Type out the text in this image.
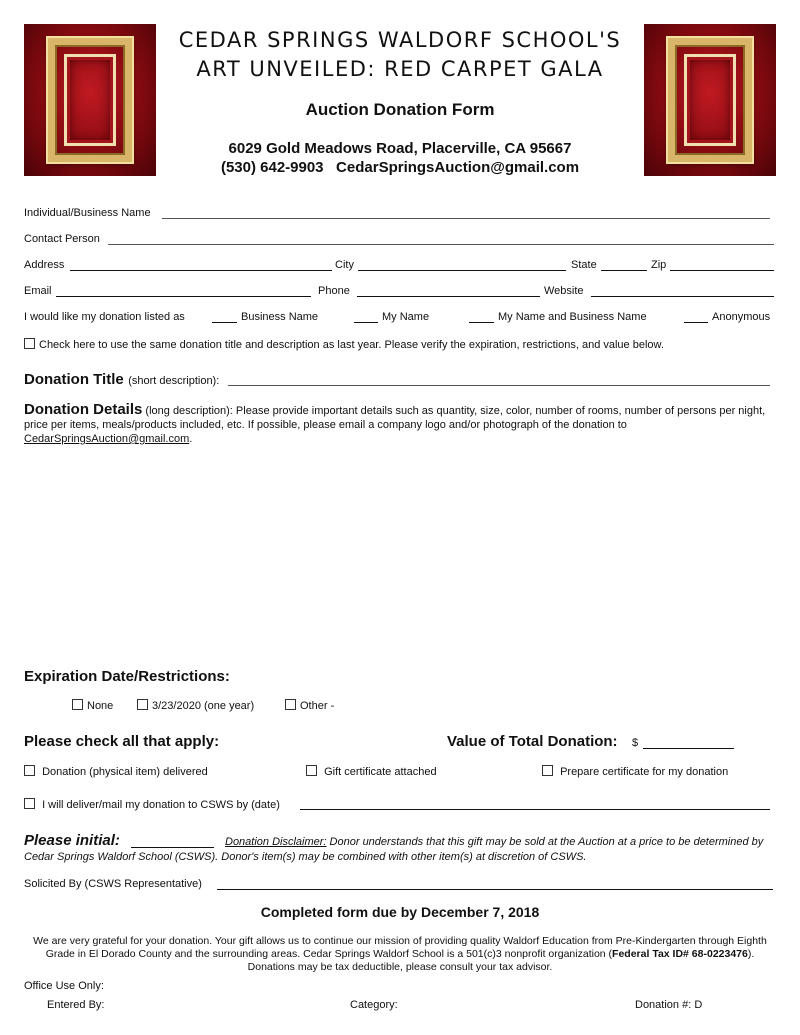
CEDAR SPRINGS WALDORF SCHOOL'S
ART UNVEILED: RED CARPET GALA
Auction Donation Form
6029 Gold Meadows Road, Placerville, CA 95667
(530) 642-9903 CedarSpringsAuction@gmail.com
Individual/Business Name
Contact Person
Address	City	State	Zip
Email	Phone	Website
I would like my donation listed as	Business Name	My Name	My Name and Business Name	Anonymous
Check here to use the same donation title and description as last year. Please verify the expiration, restrictions, and value below.
Donation Title (short description):
Donation Details (long description): Please provide important details such as quantity, size, color, number of rooms, number of persons per night, price per items, meals/products included, etc. If possible, please email a company logo and/or photograph of the donation to CedarSpringsAuction@gmail.com.
Expiration Date/Restrictions:
None	3/23/2020 (one year)	Other -
Please check all that apply:	Value of Total Donation: $
Donation (physical item) delivered	Gift certificate attached	Prepare certificate for my donation
I will deliver/mail my donation to CSWS by (date)
Please initial:	Donation Disclaimer: Donor understands that this gift may be sold at the Auction at a price to be determined by Cedar Springs Waldorf School (CSWS). Donor's item(s) may be combined with other item(s) at discretion of CSWS.
Solicited By (CSWS Representative)
Completed form due by December 7, 2018
We are very grateful for your donation. Your gift allows us to continue our mission of providing quality Waldorf Education from Pre-Kindergarten through Eighth Grade in El Dorado County and the surrounding areas. Cedar Springs Waldorf School is a 501(c)3 nonprofit organization (Federal Tax ID# 68-0223476). Donations may be tax deductible, please consult your tax advisor.
Office Use Only:
Entered By:	Category:	Donation #: D
